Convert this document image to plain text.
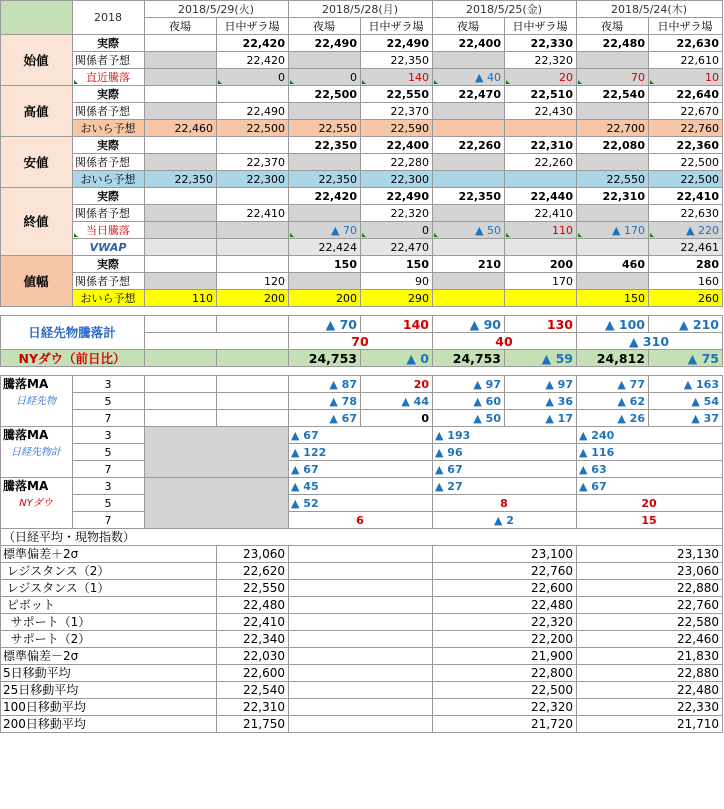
	2018	2018/5/29(火)		2018/5/28(月)		2018/5/25(金)		2018/5/24(木)	
		夜場	日中ザラ場	夜場	日中ザラ場	夜場	日中ザラ場	夜場	日中ザラ場
始値	実際		22,420	22,490	22,490	22,400	22,330	22,480	22,630
	関係者予想		22,420		22,350		22,320		22,610
	直近騰落		0	0	140	▲ 40	20	70	10
高値	実際			22,500	22,550	22,470	22,510	22,540	22,640
	関係者予想		22,490		22,370		22,430		22,670
	おいら予想	22,460	22,500	22,550	22,590			22,700	22,760
安値	実際			22,350	22,400	22,260	22,310	22,080	22,360
	関係者予想		22,370		22,280		22,260		22,500
	おいら予想	22,350	22,300	22,350	22,300			22,550	22,500
終値	実際			22,420	22,490	22,350	22,440	22,310	22,410
	関係者予想		22,410		22,320		22,410		22,630
	当日騰落			▲ 70	0	▲ 50	110	▲ 170	▲ 220
	VWAP			22,424	22,470				22,461
値幅	実際			150	150	210	200	460	280
	関係者予想		120		90		170		160
	おいら予想	110	200	200	290			150	260

日経先物騰落計				▲ 70	140	▲ 90	130	▲ 100	▲ 210
				70		40		▲ 310	
NYダウ（前日比）				24,753	▲ 0	24,753	▲ 59	24,812	▲ 75

騰落MA	3			▲ 87	20	▲ 97	▲ 97	▲ 77	▲ 163
日経先物	5			▲ 78	▲ 44	▲ 60	▲ 36	▲ 62	▲ 54
	7			▲ 67	0	▲ 50	▲ 17	▲ 26	▲ 37
騰落MA	3			▲ 67		▲ 193		▲ 240	
日経先物計	5			▲ 122		▲ 96		▲ 116	
	7			▲ 67		▲ 67		▲ 63	
騰落MA	3			▲ 45		▲ 27		▲ 67	
NYダウ	5			▲ 52		8		20	
	7			6		▲ 2		15	
（日経平均・現物指数）									
標準偏差＋2σ			23,060			23,100		23,130	
レジスタンス（2）			22,620			22,760		23,060	
レジスタンス（1）			22,550			22,600		22,880	
ピボット			22,480			22,480		22,760	
サポート（1）			22,410			22,320		22,580	
サポート（2）			22,340			22,200		22,460	
標準偏差－2σ			22,030			21,900		21,830	
5日移動平均			22,600			22,800		22,880	
25日移動平均			22,540			22,500		22,480	
100日移動平均			22,310			22,320		22,330	
200日移動平均			21,750			21,720		21,710	
